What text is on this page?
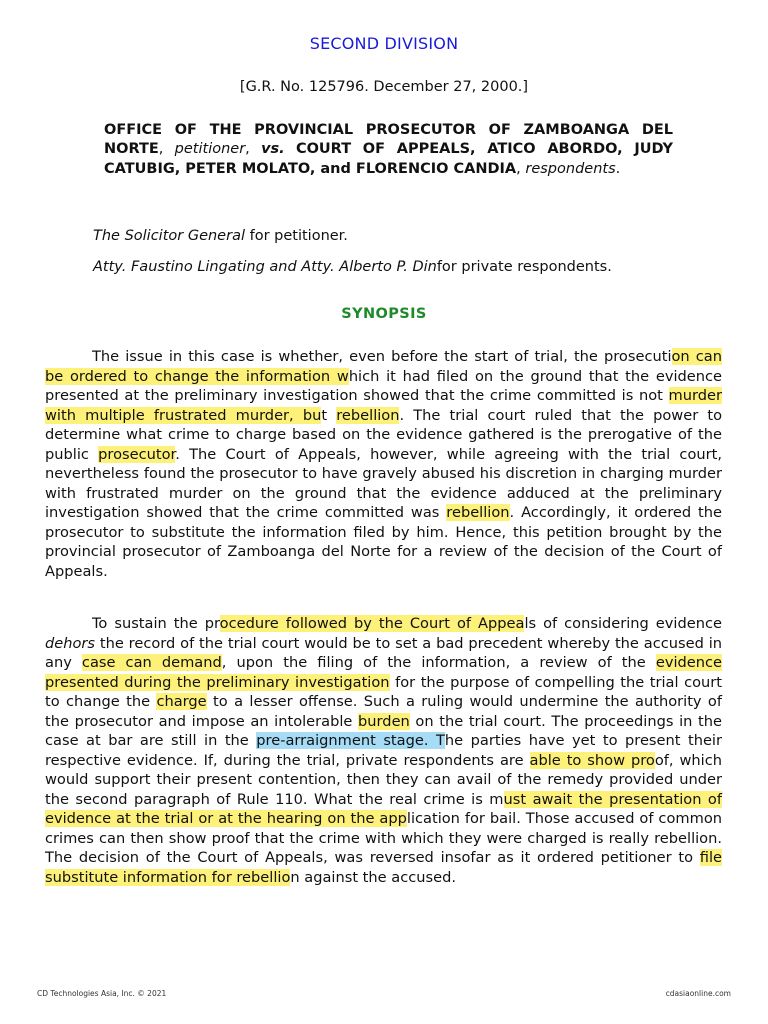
SECOND DIVISION
[G.R. No. 125796. December 27, 2000.]
OFFICE OF THE PROVINCIAL PROSECUTOR OF ZAMBOANGA DEL NORTE, petitioner, vs. COURT OF APPEALS, ATICO ABORDO, JUDY CATUBIG, PETER MOLATO, and FLORENCIO CANDIA, respondents.
The Solicitor General for petitioner.
Atty. Faustino Lingating and Atty. Alberto P. Dinfor private respondents.
SYNOPSIS
The issue in this case is whether, even before the start of trial, the prosecution can be ordered to change the information which it had filed on the ground that the evidence presented at the preliminary investigation showed that the crime committed is not murder with multiple frustrated murder, but rebellion. The trial court ruled that the power to determine what crime to charge based on the evidence gathered is the prerogative of the public prosecutor. The Court of Appeals, however, while agreeing with the trial court, nevertheless found the prosecutor to have gravely abused his discretion in charging murder with frustrated murder on the ground that the evidence adduced at the preliminary investigation showed that the crime committed was rebellion. Accordingly, it ordered the prosecutor to substitute the information filed by him. Hence, this petition brought by the provincial prosecutor of Zamboanga del Norte for a review of the decision of the Court of Appeals.
To sustain the procedure followed by the Court of Appeals of considering evidence dehors the record of the trial court would be to set a bad precedent whereby the accused in any case can demand, upon the filing of the information, a review of the evidence presented during the preliminary investigation for the purpose of compelling the trial court to change the charge to a lesser offense. Such a ruling would undermine the authority of the prosecutor and impose an intolerable burden on the trial court. The proceedings in the case at bar are still in the pre-arraignment stage. The parties have yet to present their respective evidence. If, during the trial, private respondents are able to show proof, which would support their present contention, then they can avail of the remedy provided under the second paragraph of Rule 110. What the real crime is must await the presentation of evidence at the trial or at the hearing on the application for bail. Those accused of common crimes can then show proof that the crime with which they were charged is really rebellion. The decision of the Court of Appeals, was reversed insofar as it ordered petitioner to file substitute information for rebellion against the accused.
CD Technologies Asia, Inc. © 2021	cdasiaonline.com
